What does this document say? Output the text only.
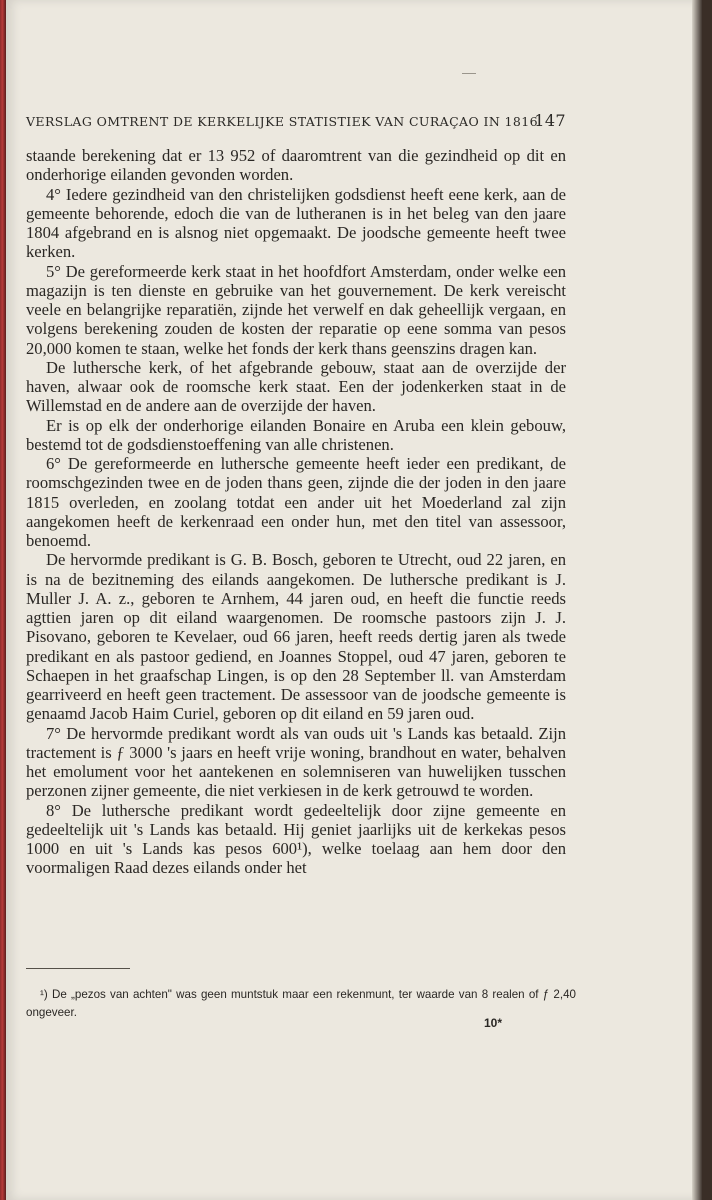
VERSLAG OMTRENT DE KERKELIJKE STATISTIEK VAN CURAÇAO IN 1816
147

staande berekening dat er 13 952 of daaromtrent van die gezindheid op dit en onderhorige eilanden gevonden worden.

4° Iedere gezindheid van den christelijken godsdienst heeft eene kerk, aan de gemeente behorende, edoch die van de lutheranen is in het beleg van den jaare 1804 afgebrand en is alsnog niet opgemaakt. De joodsche gemeente heeft twee kerken.

5° De gereformeerde kerk staat in het hoofdfort Amsterdam, onder welke een magazijn is ten dienste en gebruike van het gouvernement. De kerk vereischt veele en belangrijke reparatiën, zijnde het verwelf en dak geheellijk vergaan, en volgens berekening zouden de kosten der reparatie op eene somma van pesos 20,000 komen te staan, welke het fonds der kerk thans geenszins dragen kan.

De luthersche kerk, of het afgebrande gebouw, staat aan de overzijde der haven, alwaar ook de roomsche kerk staat. Een der jodenkerken staat in de Willemstad en de andere aan de overzijde der haven.

Er is op elk der onderhorige eilanden Bonaire en Aruba een klein gebouw, bestemd tot de godsdienstoeffening van alle christenen.

6° De gereformeerde en luthersche gemeente heeft ieder een predikant, de roomschgezinden twee en de joden thans geen, zijnde die der joden in den jaare 1815 overleden, en zoolang totdat een ander uit het Moederland zal zijn aangekomen heeft de kerkenraad een onder hun, met den titel van assessoor, benoemd.

De hervormde predikant is G. B. Bosch, geboren te Utrecht, oud 22 jaren, en is na de bezitneming des eilands aangekomen. De luthersche predikant is J. Muller J. A. z., geboren te Arnhem, 44 jaren oud, en heeft die functie reeds agttien jaren op dit eiland waargenomen. De roomsche pastoors zijn J. J. Pisovano, geboren te Kevelaer, oud 66 jaren, heeft reeds dertig jaren als twede predikant en als pastoor gediend, en Joannes Stoppel, oud 47 jaren, geboren te Schaepen in het graafschap Lingen, is op den 28 September ll. van Amsterdam gearriveerd en heeft geen tractement. De assessoor van de joodsche gemeente is genaamd Jacob Haim Curiel, geboren op dit eiland en 59 jaren oud.

7° De hervormde predikant wordt als van ouds uit 's Lands kas betaald. Zijn tractement is ƒ 3000 's jaars en heeft vrije woning, brandhout en water, behalven het emolument voor het aantekenen en solemniseren van huwelijken tusschen perzonen zijner gemeente, die niet verkiesen in de kerk getrouwd te worden.

8° De luthersche predikant wordt gedeeltelijk door zijne gemeente en gedeeltelijk uit 's Lands kas betaald. Hij geniet jaarlijks uit de kerkekas pesos 1000 en uit 's Lands kas pesos 600¹), welke toelaag aan hem door den voormaligen Raad dezes eilands onder het

¹) De „pezos van achten" was geen muntstuk maar een rekenmunt, ter waarde van 8 realen of ƒ 2,40 ongeveer.
10*
